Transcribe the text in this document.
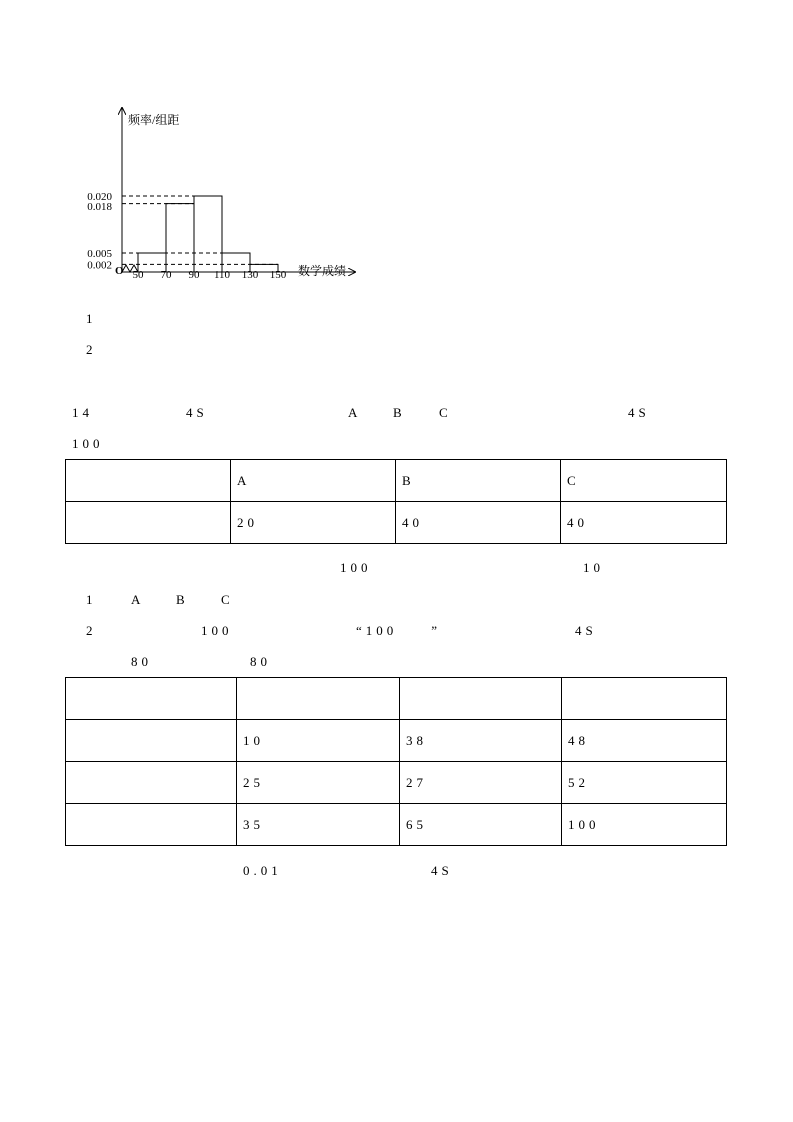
频率/组距
数学成绩
O 50 70 90 110 130 150
0.020
0.018
0.005
0.002
1
2
14	4S	A	B	C	4S
100
	A	B	C
	20	40	40
100	10
1	A	B	C
2	100	“100　　”	4S
80	80

	10	38	48
	25	27	52
	35	65	100
0.01	4S
